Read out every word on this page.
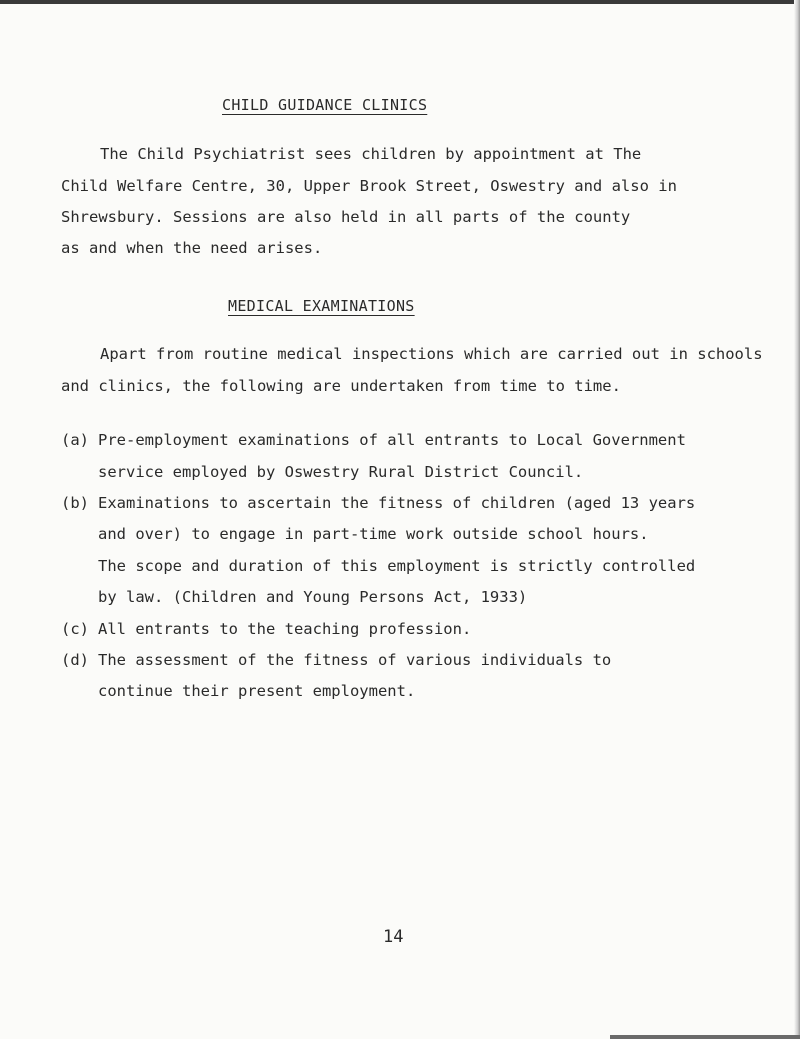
CHILD GUIDANCE CLINICS
The Child Psychiatrist sees children by appointment at The
Child Welfare Centre, 30, Upper Brook Street, Oswestry and also in
Shrewsbury. Sessions are also held in all parts of the county
as and when the need arises.
MEDICAL EXAMINATIONS
Apart from routine medical inspections which are carried out in schools
and clinics, the following are undertaken from time to time.
(a) Pre-employment examinations of all entrants to Local Government
service employed by Oswestry Rural District Council.
(b) Examinations to ascertain the fitness of children (aged 13 years
and over) to engage in part-time work outside school hours.
The scope and duration of this employment is strictly controlled
by law. (Children and Young Persons Act, 1933)
(c) All entrants to the teaching profession.
(d) The assessment of the fitness of various individuals to
continue their present employment.
14
